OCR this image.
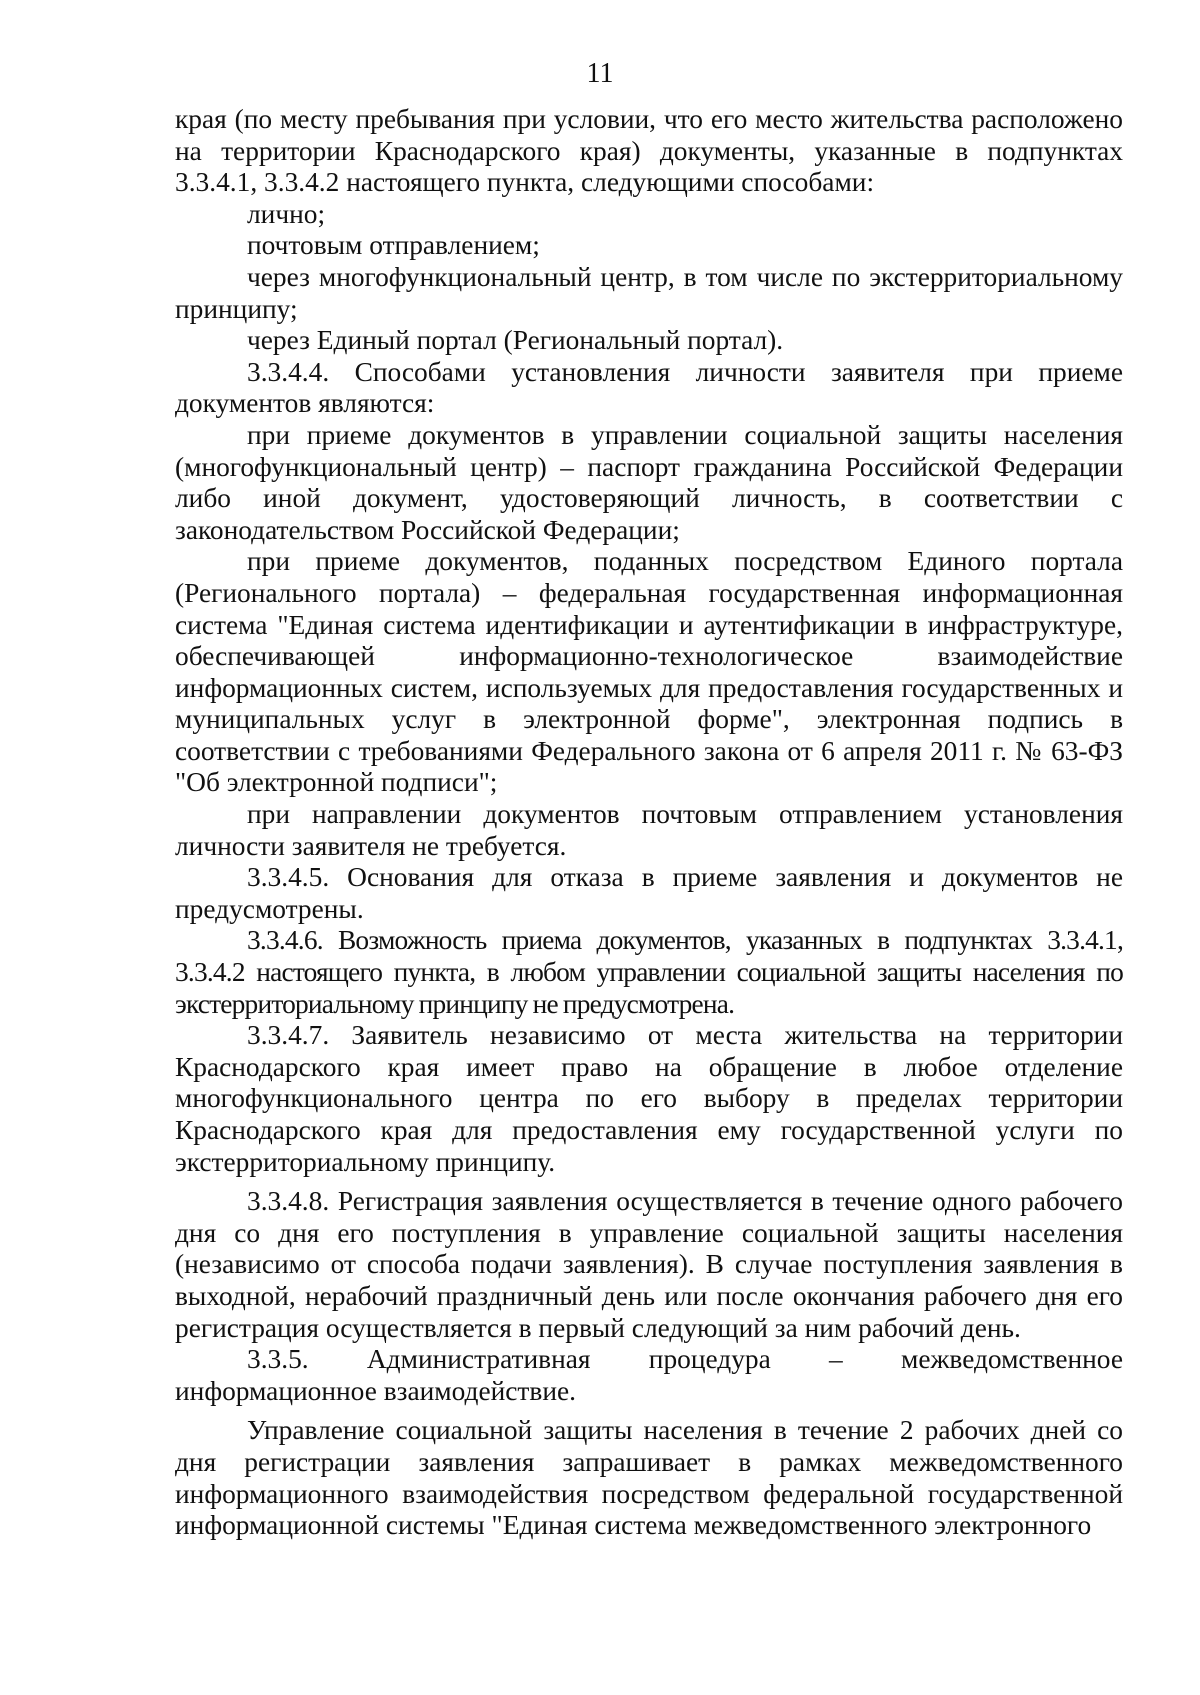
11

края (по месту пребывания при условии, что его место жительства расположено на территории Краснодарского края) документы, указанные в подпунктах 3.3.4.1, 3.3.4.2 настоящего пункта, следующими способами:

лично;

почтовым отправлением;

через многофункциональный центр, в том числе по экстерриториальному принципу;

через Единый портал (Региональный портал).

3.3.4.4. Способами установления личности заявителя при приеме документов являются:

при приеме документов в управлении социальной защиты населения (многофункциональный центр) – паспорт гражданина Российской Федерации либо иной документ, удостоверяющий личность, в соответствии с законодательством Российской Федерации;

при приеме документов, поданных посредством Единого портала (Регионального портала) – федеральная государственная информационная система "Единая система идентификации и аутентификации в инфраструктуре, обеспечивающей информационно-технологическое взаимодействие информационных систем, используемых для предоставления государственных и муниципальных услуг в электронной форме", электронная подпись в соответствии с требованиями Федерального закона от 6 апреля 2011 г. № 63-ФЗ "Об электронной подписи";

при направлении документов почтовым отправлением установления личности заявителя не требуется.

3.3.4.5. Основания для отказа в приеме заявления и документов не предусмотрены.

3.3.4.6. Возможность приема документов, указанных в подпунктах 3.3.4.1, 3.3.4.2 настоящего пункта, в любом управлении социальной защиты населения по экстерриториальному принципу не предусмотрена.

3.3.4.7. Заявитель независимо от места жительства на территории Краснодарского края имеет право на обращение в любое отделение многофункционального центра по его выбору в пределах территории Краснодарского края для предоставления ему государственной услуги по экстерриториальному принципу.

3.3.4.8. Регистрация заявления осуществляется в течение одного рабочего дня со дня его поступления в управление социальной защиты населения (независимо от способа подачи заявления). В случае поступления заявления в выходной, нерабочий праздничный день или после окончания рабочего дня его регистрация осуществляется в первый следующий за ним рабочий день.

3.3.5. Административная процедура – межведомственное информационное взаимодействие.

Управление социальной защиты населения в течение 2 рабочих дней со дня регистрации заявления запрашивает в рамках межведомственного информационного взаимодействия посредством федеральной государственной информационной системы "Единая система межведомственного электронного
